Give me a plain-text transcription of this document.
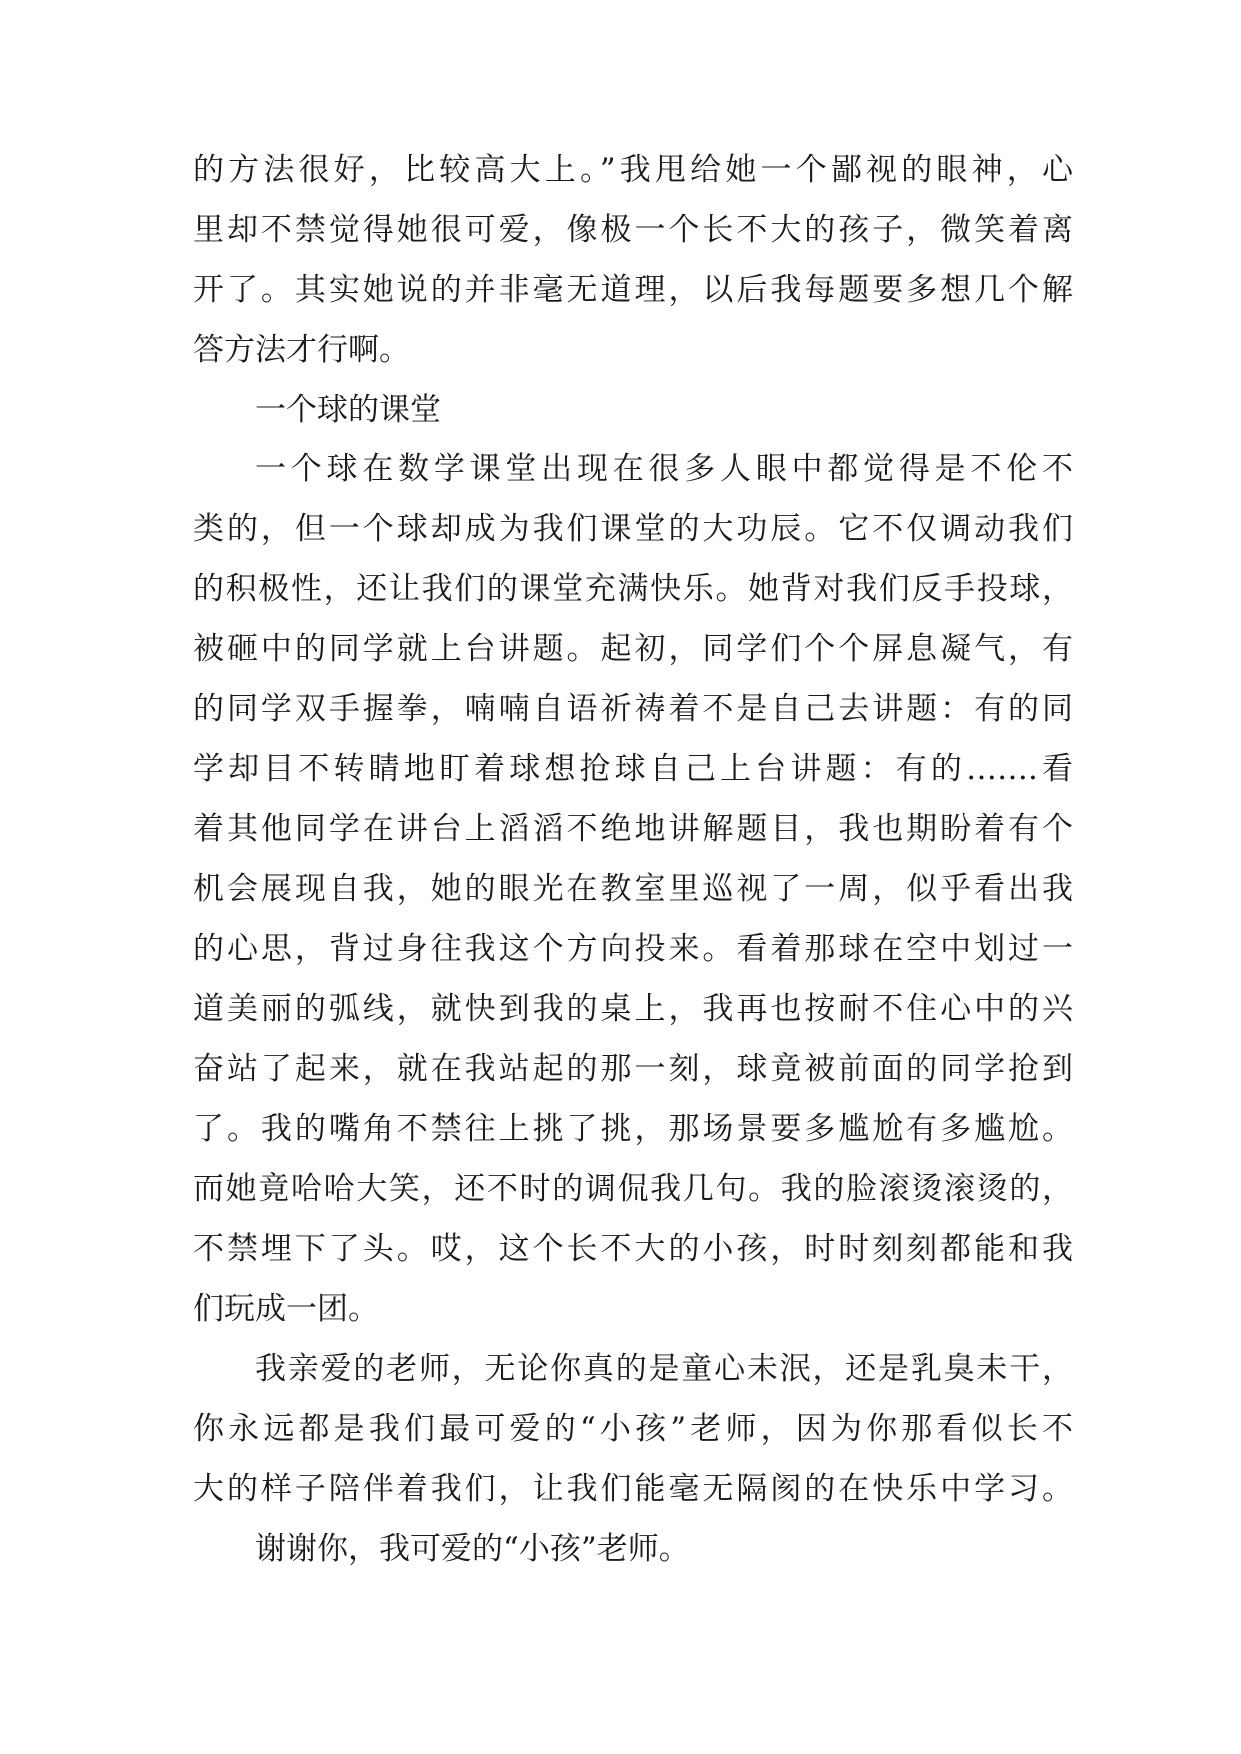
的方法很好，比较高大上。”我甩给她一个鄙视的眼神，心
里却不禁觉得她很可爱，像极一个长不大的孩子，微笑着离
开了。其实她说的并非毫无道理，以后我每题要多想几个解
答方法才行啊。
一个球的课堂
一个球在数学课堂出现在很多人眼中都觉得是不伦不
类的，但一个球却成为我们课堂的大功辰。它不仅调动我们
的积极性，还让我们的课堂充满快乐。她背对我们反手投球，
被砸中的同学就上台讲题。起初，同学们个个屏息凝气，有
的同学双手握拳，喃喃自语祈祷着不是自己去讲题：有的同
学却目不转睛地盯着球想抢球自己上台讲题：有的…….看
着其他同学在讲台上滔滔不绝地讲解题目，我也期盼着有个
机会展现自我，她的眼光在教室里巡视了一周，似乎看出我
的心思，背过身往我这个方向投来。看着那球在空中划过一
道美丽的弧线，就快到我的桌上，我再也按耐不住心中的兴
奋站了起来，就在我站起的那一刻，球竟被前面的同学抢到
了。我的嘴角不禁往上挑了挑，那场景要多尴尬有多尴尬。
而她竟哈哈大笑，还不时的调侃我几句。我的脸滚烫滚烫的，
不禁埋下了头。哎，这个长不大的小孩，时时刻刻都能和我
们玩成一团。
我亲爱的老师，无论你真的是童心未泯，还是乳臭未干，
你永远都是我们最可爱的“小孩”老师，因为你那看似长不
大的样子陪伴着我们，让我们能毫无隔阂的在快乐中学习。
谢谢你，我可爱的“小孩”老师。
